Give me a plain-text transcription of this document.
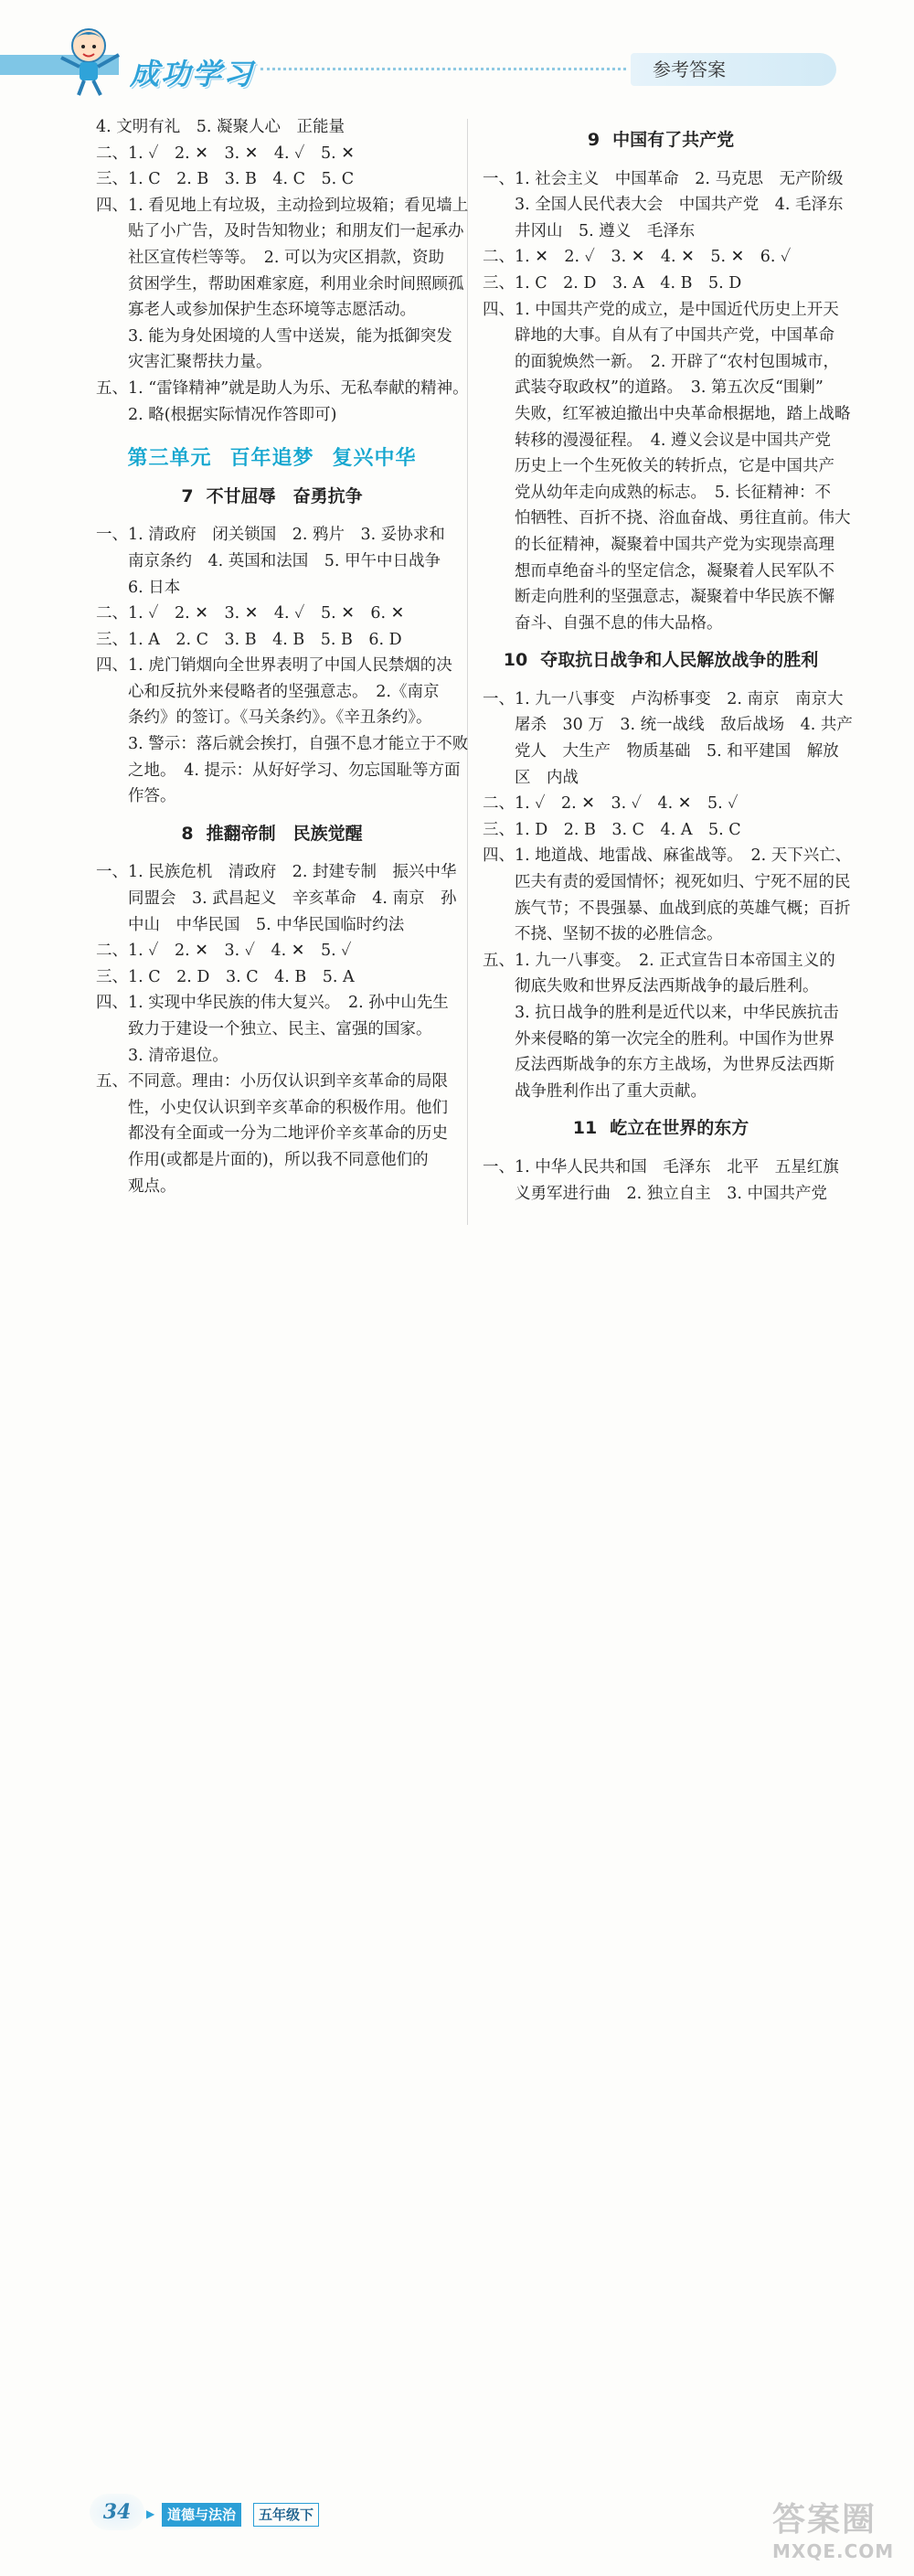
成功学习	参考答案

4. 文明有礼　5. 凝聚人心　正能量

二、1. ✓　2. ✕　3. ✕　4. ✓　5. ✕

三、1. C　2. B　3. B　4. C　5. C

四、1. 看见地上有垃圾，主动捡到垃圾箱；看见墙上

　　贴了小广告，及时告知物业；和朋友们一起承办

　　社区宣传栏等等。　2. 可以为灾区捐款，资助

　　贫困学生，帮助困难家庭，利用业余时间照顾孤

　　寡老人或参加保护生态环境等志愿活动。

　　3. 能为身处困境的人雪中送炭，能为抵御突发

　　灾害汇聚帮扶力量。

五、1. “雷锋精神”就是助人为乐、无私奉献的精神。

　　2. 略(根据实际情况作答即可)

第三单元 百年追梦 复兴中华

7 不甘屈辱　奋勇抗争

一、1. 清政府　闭关锁国　2. 鸦片　3. 妥协求和

　　南京条约　4. 英国和法国　5. 甲午中日战争

　　6. 日本

二、1. ✓　2. ✕　3. ✕　4. ✓　5. ✕　6. ✕

三、1. A　2. C　3. B　4. B　5. B　6. D

四、1. 虎门销烟向全世界表明了中国人民禁烟的决

　　心和反抗外来侵略者的坚强意志。　2.《南京

　　条约》的签订。《马关条约》。《辛丑条约》。

　　3. 警示：落后就会挨打，自强不息才能立于不败

　　之地。　4. 提示：从好好学习、勿忘国耻等方面

　　作答。

8 推翻帝制　民族觉醒

一、1. 民族危机　清政府　2. 封建专制　振兴中华

　　同盟会　3. 武昌起义　辛亥革命　4. 南京　孙

　　中山　中华民国　5. 中华民国临时约法

二、1. ✓　2. ✕　3. ✓　4. ✕　5. ✓

三、1. C　2. D　3. C　4. B　5. A

四、1. 实现中华民族的伟大复兴。　2. 孙中山先生

　　致力于建设一个独立、民主、富强的国家。

　　3. 清帝退位。

五、不同意。理由：小历仅认识到辛亥革命的局限

　　性，小史仅认识到辛亥革命的积极作用。他们

　　都没有全面或一分为二地评价辛亥革命的历史

　　作用(或都是片面的)，所以我不同意他们的

　　观点。

9 中国有了共产党

一、1. 社会主义　中国革命　2. 马克思　无产阶级

　　3. 全国人民代表大会　中国共产党　4. 毛泽东

　　井冈山　5. 遵义　毛泽东

二、1. ✕　2. ✓　3. ✕　4. ✕　5. ✕　6. ✓

三、1. C　2. D　3. A　4. B　5. D

四、1. 中国共产党的成立，是中国近代历史上开天

　　辟地的大事。自从有了中国共产党，中国革命

　　的面貌焕然一新。　2. 开辟了“农村包围城市，

　　武装夺取政权”的道路。　3. 第五次反“围剿”

　　失败，红军被迫撤出中央革命根据地，踏上战略

　　转移的漫漫征程。　4. 遵义会议是中国共产党

　　历史上一个生死攸关的转折点，它是中国共产

　　党从幼年走向成熟的标志。　5. 长征精神：不

　　怕牺牲、百折不挠、浴血奋战、勇往直前。伟大

　　的长征精神，凝聚着中国共产党为实现崇高理

　　想而卓绝奋斗的坚定信念，凝聚着人民军队不

　　断走向胜利的坚强意志，凝聚着中华民族不懈

　　奋斗、自强不息的伟大品格。

10 夺取抗日战争和人民解放战争的胜利

一、1. 九一八事变　卢沟桥事变　2. 南京　南京大

　　屠杀　30 万　3. 统一战线　敌后战场　4. 共产

　　党人　大生产　物质基础　5. 和平建国　解放

　　区　内战

二、1. ✓　2. ✕　3. ✓　4. ✕　5. ✓

三、1. D　2. B　3. C　4. A　5. C

四、1. 地道战、地雷战、麻雀战等。　2. 天下兴亡、

　　匹夫有责的爱国情怀；视死如归、宁死不屈的民

　　族气节；不畏强暴、血战到底的英雄气概；百折

　　不挠、坚韧不拔的必胜信念。

五、1. 九一八事变。　2. 正式宣告日本帝国主义的

　　彻底失败和世界反法西斯战争的最后胜利。

　　3. 抗日战争的胜利是近代以来，中华民族抗击

　　外来侵略的第一次完全的胜利。中国作为世界

　　反法西斯战争的东方主战场，为世界反法西斯

　　战争胜利作出了重大贡献。

11 屹立在世界的东方

一、1. 中华人民共和国　毛泽东　北平　五星红旗

　　义勇军进行曲　2. 独立自主　3. 中国共产党

34	▶ 道德与法治	五年级下	答案圈
MXQE.COM
